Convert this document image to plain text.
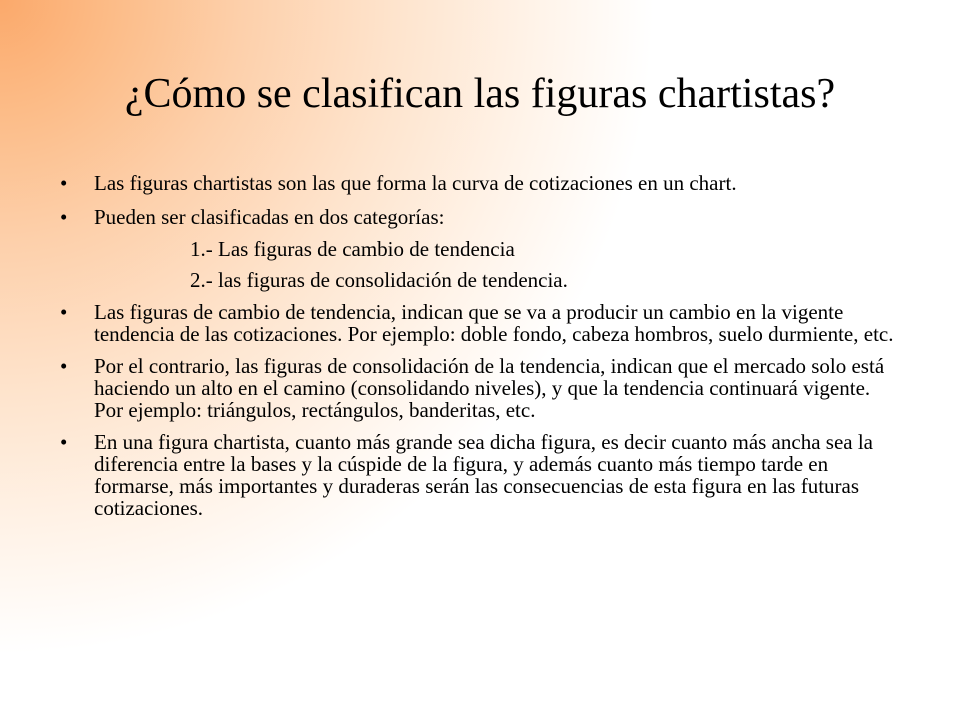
¿Cómo se clasifican las figuras chartistas?
• Las figuras chartistas son las que forma la curva de cotizaciones en un chart.
• Pueden ser clasificadas en dos categorías:
1.- Las figuras de cambio de tendencia
2.- las figuras de consolidación de tendencia.
• Las figuras de cambio de tendencia, indican que se va a producir un cambio en la vigente tendencia de las cotizaciones. Por ejemplo: doble fondo, cabeza hombros, suelo durmiente, etc.
• Por el contrario, las figuras de consolidación de la tendencia, indican que el mercado solo está haciendo un alto en el camino (consolidando niveles), y que la tendencia continuará vigente. Por ejemplo: triángulos, rectángulos, banderitas, etc.
• En una figura chartista, cuanto más grande sea dicha figura, es decir cuanto más ancha sea la diferencia entre la bases y la cúspide de la figura, y además cuanto más tiempo tarde en formarse, más importantes y duraderas serán las consecuencias de esta figura en las futuras cotizaciones.
